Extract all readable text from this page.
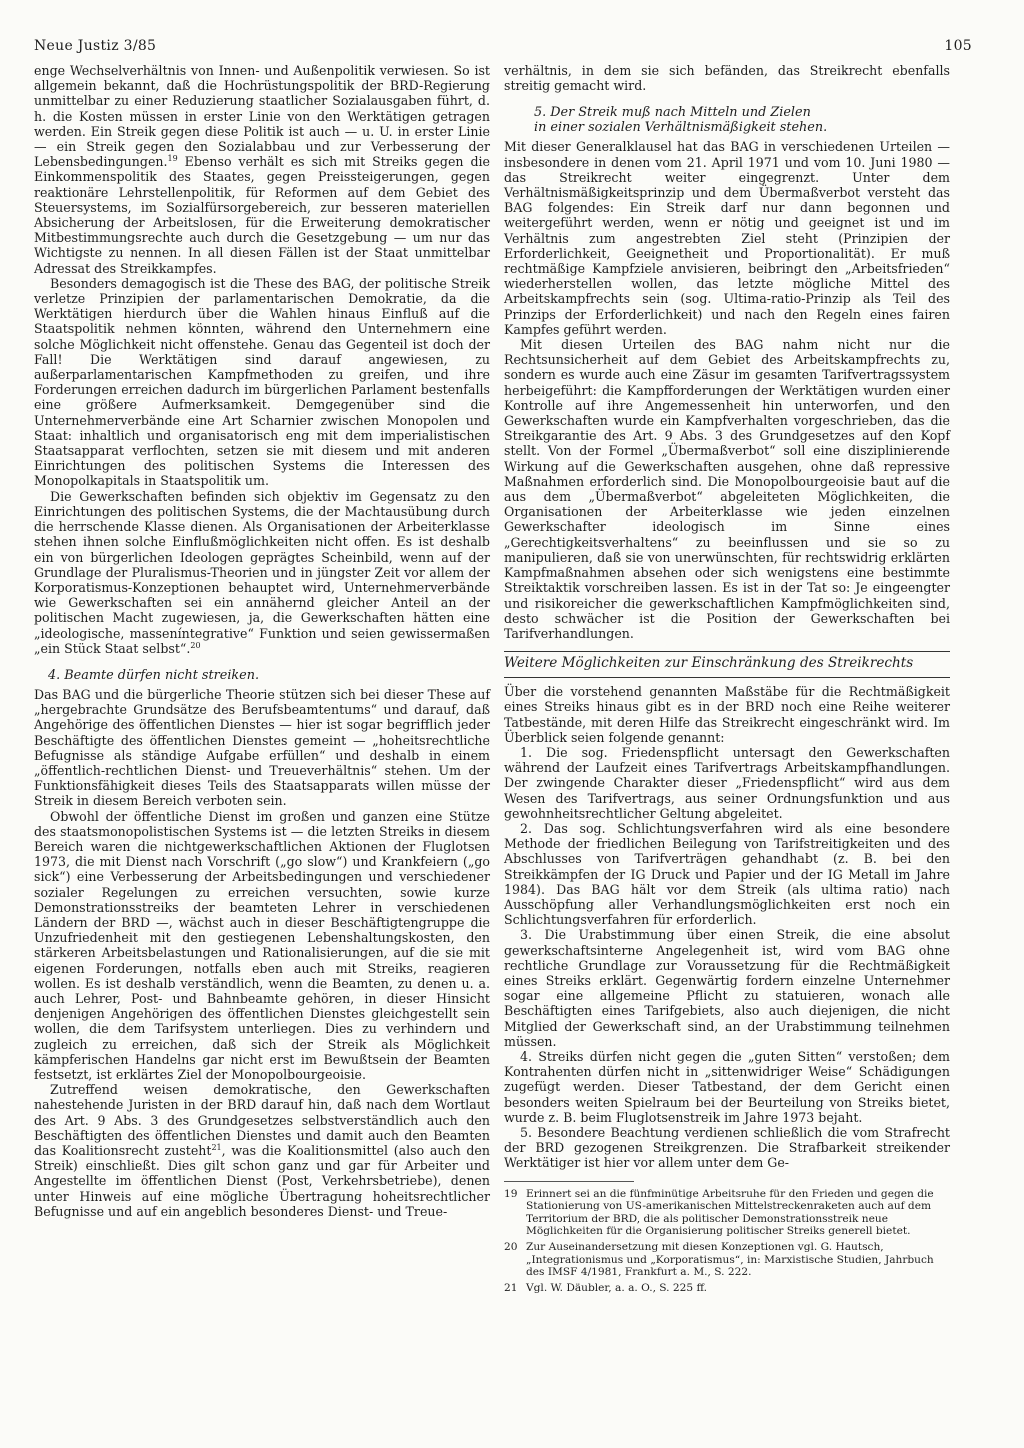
Neue Justiz 3/85	105

enge Wechselverhältnis von Innen- und Außenpolitik verwiesen. So ist allgemein bekannt, daß die Hochrüstungspolitik der BRD-Regierung unmittelbar zu einer Reduzierung staatlicher Sozialausgaben führt, d. h. die Kosten müssen in erster Linie von den Werktätigen getragen werden. Ein Streik gegen diese Politik ist auch — u. U. in erster Linie — ein Streik gegen den Sozialabbau und zur Verbesserung der Lebensbedingungen.$^{19}$ Ebenso verhält es sich mit Streiks gegen die Einkommenspolitik des Staates, gegen Preissteigerungen, gegen reaktionäre Lehrstellenpolitik, für Reformen auf dem Gebiet des Steuersystems, im Sozialfürsorgebereich, zur besseren materiellen Absicherung der Arbeitslosen, für die Erweiterung demokratischer Mitbestimmungsrechte auch durch die Gesetzgebung — um nur das Wichtigste zu nennen. In all diesen Fällen ist der Staat unmittelbar Adressat des Streikkampfes.

Besonders demagogisch ist die These des BAG, der politische Streik verletze Prinzipien der parlamentarischen Demokratie, da die Werktätigen hierdurch über die Wahlen hinaus Einfluß auf die Staatspolitik nehmen könnten, während den Unternehmern eine solche Möglichkeit nicht offenstehe. Genau das Gegenteil ist doch der Fall! Die Werktätigen sind darauf angewiesen, zu außerparlamentarischen Kampfmethoden zu greifen, und ihre Forderungen erreichen dadurch im bürgerlichen Parlament bestenfalls eine größere Aufmerksamkeit. Demgegenüber sind die Unternehmerverbände eine Art Scharnier zwischen Monopolen und Staat: inhaltlich und organisatorisch eng mit dem imperialistischen Staatsapparat verflochten, setzen sie mit diesem und mit anderen Einrichtungen des politischen Systems die Interessen des Monopolkapitals in Staatspolitik um.

Die Gewerkschaften befinden sich objektiv im Gegensatz zu den Einrichtungen des politischen Systems, die der Machtausübung durch die herrschende Klasse dienen. Als Organisationen der Arbeiterklasse stehen ihnen solche Einflußmöglichkeiten nicht offen. Es ist deshalb ein von bürgerlichen Ideologen geprägtes Scheinbild, wenn auf der Grundlage der Pluralismus-Theorien und in jüngster Zeit vor allem der Korporatismus-Konzeptionen behauptet wird, Unternehmerverbände wie Gewerkschaften sei ein annähernd gleicher Anteil an der politischen Macht zugewiesen, ja, die Gewerkschaften hätten eine „ideologische, masseníntegrative“ Funktion und seien gewissermaßen „ein Stück Staat selbst“.$^{20}$

4. Beamte dürfen nicht streiken.

Das BAG und die bürgerliche Theorie stützen sich bei dieser These auf „hergebrachte Grundsätze des Berufsbeamtentums“ und darauf, daß Angehörige des öffentlichen Dienstes — hier ist sogar begrifflich jeder Beschäftigte des öffentlichen Dienstes gemeint — „hoheitsrechtliche Befugnisse als ständige Aufgabe erfüllen“ und deshalb in einem „öffentlich-rechtlichen Dienst- und Treueverhältnis“ stehen. Um der Funktionsfähigkeit dieses Teils des Staatsapparats willen müsse der Streik in diesem Bereich verboten sein.

Obwohl der öffentliche Dienst im großen und ganzen eine Stütze des staatsmonopolistischen Systems ist — die letzten Streiks in diesem Bereich waren die nichtgewerkschaftlichen Aktionen der Fluglotsen 1973, die mit Dienst nach Vorschrift („go slow“) und Krankfeiern („go sick“) eine Verbesserung der Arbeitsbedingungen und verschiedener sozialer Regelungen zu erreichen versuchten, sowie kurze Demonstrationsstreiks der beamteten Lehrer in verschiedenen Ländern der BRD —, wächst auch in dieser Beschäftigtengruppe die Unzufriedenheit mit den gestiegenen Lebenshaltungskosten, den stärkeren Arbeitsbelastungen und Rationalisierungen, auf die sie mit eigenen Forderungen, notfalls eben auch mit Streiks, reagieren wollen. Es ist deshalb verständlich, wenn die Beamten, zu denen u. a. auch Lehrer, Post- und Bahnbeamte gehören, in dieser Hinsicht denjenigen Angehörigen des öffentlichen Dienstes gleichgestellt sein wollen, die dem Tarifsystem unterliegen. Dies zu verhindern und zugleich zu erreichen, daß sich der Streik als Möglichkeit kämpferischen Handelns gar nicht erst im Bewußtsein der Beamten festsetzt, ist erklärtes Ziel der Monopolbourgeoisie.

Zutreffend weisen demokratische, den Gewerkschaften nahestehende Juristen in der BRD darauf hin, daß nach dem Wortlaut des Art. 9 Abs. 3 des Grundgesetzes selbstverständlich auch den Beschäftigten des öffentlichen Dienstes und damit auch den Beamten das Koalitionsrecht zusteht$^{21}$, was die Koalitionsmittel (also auch den Streik) einschließt. Dies gilt schon ganz und gar für Arbeiter und Angestellte im öffentlichen Dienst (Post, Verkehrsbetriebe), denen unter Hinweis auf eine mögliche Übertragung hoheitsrechtlicher Befugnisse und auf ein angeblich besonderes Dienst- und Treue-

verhältnis, in dem sie sich befänden, das Streikrecht ebenfalls streitig gemacht wird.

5. Der Streik muß nach Mitteln und Zielen
in einer sozialen Verhältnismäßigkeit stehen.

Mit dieser Generalklausel hat das BAG in verschiedenen Urteilen — insbesondere in denen vom 21. April 1971 und vom 10. Juni 1980 — das Streikrecht weiter eingegrenzt. Unter dem Verhältnismäßigkeitsprinzip und dem Übermaßverbot versteht das BAG folgendes: Ein Streik darf nur dann begonnen und weitergeführt werden, wenn er nötig und geeignet ist und im Verhältnis zum angestrebten Ziel steht (Prinzipien der Erforderlichkeit, Geeignetheit und Proportionalität). Er muß rechtmäßige Kampfziele anvisieren, beibringt den „Arbeitsfrieden“ wiederherstellen wollen, das letzte mögliche Mittel des Arbeitskampfrechts sein (sog. Ultima-ratio-Prinzip als Teil des Prinzips der Erforderlichkeit) und nach den Regeln eines fairen Kampfes geführt werden.

Mit diesen Urteilen des BAG nahm nicht nur die Rechtsunsicherheit auf dem Gebiet des Arbeitskampfrechts zu, sondern es wurde auch eine Zäsur im gesamten Tarifvertragssystem herbeigeführt: die Kampfforderungen der Werktätigen wurden einer Kontrolle auf ihre Angemessenheit hin unterworfen, und den Gewerkschaften wurde ein Kampfverhalten vorgeschrieben, das die Streikgarantie des Art. 9 Abs. 3 des Grundgesetzes auf den Kopf stellt. Von der Formel „Übermaßverbot“ soll eine disziplinierende Wirkung auf die Gewerkschaften ausgehen, ohne daß repressive Maßnahmen erforderlich sind. Die Monopolbourgeoisie baut auf die aus dem „Übermaßverbot“ abgeleiteten Möglichkeiten, die Organisationen der Arbeiterklasse wie jeden einzelnen Gewerkschafter ideologisch im Sinne eines „Gerechtigkeitsverhaltens“ zu beeinflussen und sie so zu manipulieren, daß sie von unerwünschten, für rechtswidrig erklärten Kampfmaßnahmen absehen oder sich wenigstens eine bestimmte Streiktaktik vorschreiben lassen. Es ist in der Tat so: Je eingeengter und risikoreicher die gewerkschaftlichen Kampfmöglichkeiten sind, desto schwächer ist die Position der Gewerkschaften bei Tarifverhandlungen.

Weitere Möglichkeiten zur Einschränkung des Streikrechts

Über die vorstehend genannten Maßstäbe für die Rechtmäßigkeit eines Streiks hinaus gibt es in der BRD noch eine Reihe weiterer Tatbestände, mit deren Hilfe das Streikrecht eingeschränkt wird. Im Überblick seien folgende genannt:

1. Die sog. Friedenspflicht untersagt den Gewerkschaften während der Laufzeit eines Tarifvertrags Arbeitskampfhandlungen. Der zwingende Charakter dieser „Friedenspflicht“ wird aus dem Wesen des Tarifvertrags, aus seiner Ordnungsfunktion und aus gewohnheitsrechtlicher Geltung abgeleitet.

2. Das sog. Schlichtungsverfahren wird als eine besondere Methode der friedlichen Beilegung von Tarifstreitigkeiten und des Abschlusses von Tarifverträgen gehandhabt (z. B. bei den Streikkämpfen der IG Druck und Papier und der IG Metall im Jahre 1984). Das BAG hält vor dem Streik (als ultima ratio) nach Ausschöpfung aller Verhandlungsmöglichkeiten erst noch ein Schlichtungsverfahren für erforderlich.

3. Die Urabstimmung über einen Streik, die eine absolut gewerkschaftsinterne Angelegenheit ist, wird vom BAG ohne rechtliche Grundlage zur Voraussetzung für die Rechtmäßigkeit eines Streiks erklärt. Gegenwärtig fordern einzelne Unternehmer sogar eine allgemeine Pflicht zu statuieren, wonach alle Beschäftigten eines Tarifgebiets, also auch diejenigen, die nicht Mitglied der Gewerkschaft sind, an der Urabstimmung teilnehmen müssen.

4. Streiks dürfen nicht gegen die „guten Sitten“ verstoßen; dem Kontrahenten dürfen nicht in „sittenwidriger Weise“ Schädigungen zugefügt werden. Dieser Tatbestand, der dem Gericht einen besonders weiten Spielraum bei der Beurteilung von Streiks bietet, wurde z. B. beim Fluglotsenstreik im Jahre 1973 bejaht.

5. Besondere Beachtung verdienen schließlich die vom Strafrecht der BRD gezogenen Streikgrenzen. Die Strafbarkeit streikender Werktätiger ist hier vor allem unter dem Ge-

19 Erinnert sei an die fünfminütige Arbeitsruhe für den Frieden und gegen die Stationierung von US-amerikanischen Mittelstreckenraketen auch auf dem Territorium der BRD, die als politischer Demonstrationsstreik neue Möglichkeiten für die Organisierung politischer Streiks generell bietet.
20 Zur Auseinandersetzung mit diesen Konzeptionen vgl. G. Hautsch, „Integrationismus und „Korporatismus“, in: Marxistische Studien, Jahrbuch des IMSF 4/1981, Frankfurt a. M., S. 222.
21 Vgl. W. Däubler, a. a. O., S. 225 ff.
